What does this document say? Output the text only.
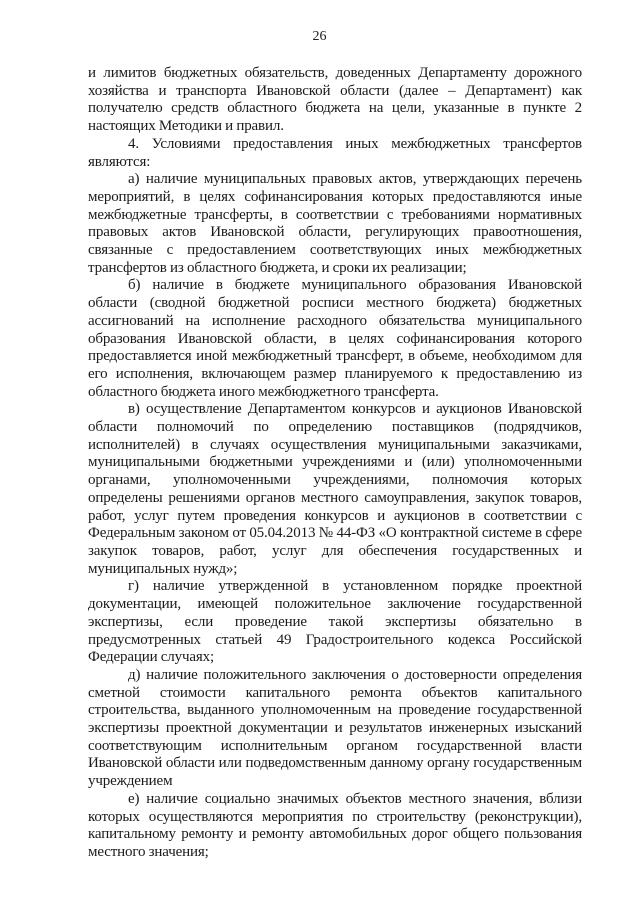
26

и лимитов бюджетных обязательств, доведенных Департаменту дорожного хозяйства и транспорта Ивановской области (далее – Департамент) как получателю средств областного бюджета на цели, указанные в пункте 2 настоящих Методики и правил.

4. Условиями предоставления иных межбюджетных трансфертов являются:

а) наличие муниципальных правовых актов, утверждающих перечень мероприятий, в целях софинансирования которых предоставляются иные межбюджетные трансферты, в соответствии с требованиями нормативных правовых актов Ивановской области, регулирующих правоотношения, связанные с предоставлением соответствующих иных межбюджетных трансфертов из областного бюджета, и сроки их реализации;

б) наличие в бюджете муниципального образования Ивановской области (сводной бюджетной росписи местного бюджета) бюджетных ассигнований на исполнение расходного обязательства муниципального образования Ивановской области, в целях софинансирования которого предоставляется иной межбюджетный трансферт, в объеме, необходимом для его исполнения, включающем размер планируемого к предоставлению из областного бюджета иного межбюджетного трансферта.

в) осуществление Департаментом конкурсов и аукционов Ивановской области полномочий по определению поставщиков (подрядчиков, исполнителей) в случаях осуществления муниципальными заказчиками, муниципальными бюджетными учреждениями и (или) уполномоченными органами, уполномоченными учреждениями, полномочия которых определены решениями органов местного самоуправления, закупок товаров, работ, услуг путем проведения конкурсов и аукционов в соответствии с Федеральным законом от 05.04.2013 № 44-ФЗ «О контрактной системе в сфере закупок товаров, работ, услуг для обеспечения государственных и муниципальных нужд»;

г) наличие утвержденной в установленном порядке проектной документации, имеющей положительное заключение государственной экспертизы, если проведение такой экспертизы обязательно в предусмотренных статьей 49 Градостроительного кодекса Российской Федерации случаях;

д) наличие положительного заключения о достоверности определения сметной стоимости капитального ремонта объектов капитального строительства, выданного уполномоченным на проведение государственной экспертизы проектной документации и результатов инженерных изысканий соответствующим исполнительным органом государственной власти Ивановской области или подведомственным данному органу государственным учреждением

е) наличие социально значимых объектов местного значения, вблизи которых осуществляются мероприятия по строительству (реконструкции), капитальному ремонту и ремонту автомобильных дорог общего пользования местного значения;
